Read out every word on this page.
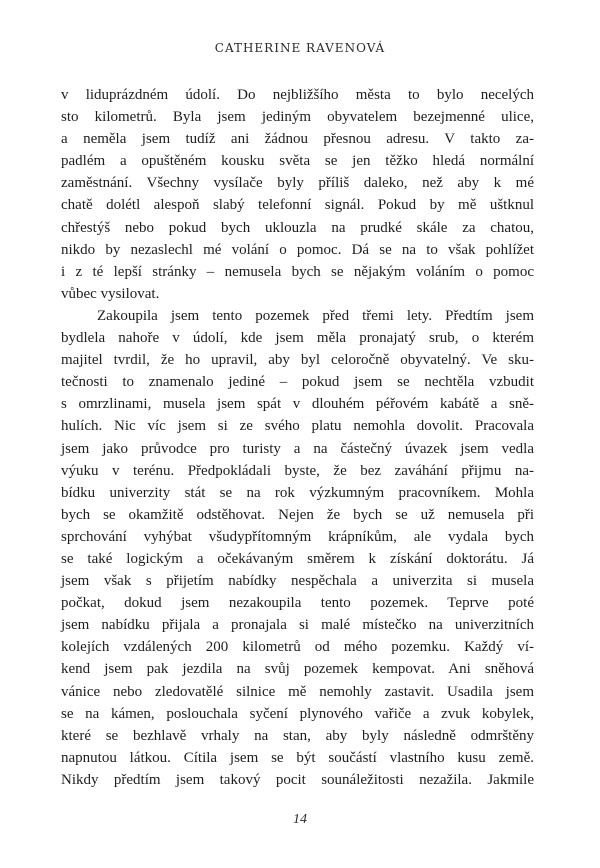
CATHERINE RAVENOVÁ
v liduprázdném údolí. Do nejbližšího města to bylo necelých
sto kilometrů. Byla jsem jediným obyvatelem bezejmenné ulice,
a neměla jsem tudíž ani žádnou přesnou adresu. V takto za-
padlém a opuštěném kousku světa se jen těžko hledá normální
zaměstnání. Všechny vysílače byly příliš daleko, než aby k mé
chatě dolétl alespoň slabý telefonní signál. Pokud by mě uštknul
chřestýš nebo pokud bych uklouzla na prudké skále za chatou,
nikdo by nezaslechl mé volání o pomoc. Dá se na to však pohlížet
i z té lepší stránky – nemusela bych se nějakým voláním o pomoc
vůbec vysilovat.
Zakoupila jsem tento pozemek před třemi lety. Předtím jsem
bydlela nahoře v údolí, kde jsem měla pronajatý srub, o kterém
majitel tvrdil, že ho upravil, aby byl celoročně obyvatelný. Ve sku-
tečnosti to znamenalo jediné – pokud jsem se nechtěla vzbudit
s omrzlinami, musela jsem spát v dlouhém péřovém kabátě a sně-
hulích. Nic víc jsem si ze svého platu nemohla dovolit. Pracovala
jsem jako průvodce pro turisty a na částečný úvazek jsem vedla
výuku v terénu. Předpokládali byste, že bez zaváhání přijmu na-
bídku univerzity stát se na rok výzkumným pracovníkem. Mohla
bych se okamžitě odstěhovat. Nejen že bych se už nemusela při
sprchování vyhýbat všudypřítomným krápníkům, ale vydala bych
se také logickým a očekávaným směrem k získání doktorátu. Já
jsem však s přijetím nabídky nespěchala a univerzita si musela
počkat, dokud jsem nezakoupila tento pozemek. Teprve poté
jsem nabídku přijala a pronajala si malé místečko na univerzitních
kolejích vzdálených 200 kilometrů od mého pozemku. Každý ví-
kend jsem pak jezdila na svůj pozemek kempovat. Ani sněhová
vánice nebo zledovatělé silnice mě nemohly zastavit. Usadila jsem
se na kámen, poslouchala syčení plynového vařiče a zvuk kobylek,
které se bezhlavě vrhaly na stan, aby byly následně odmrštěny
napnutou látkou. Cítila jsem se být součástí vlastního kusu země.
Nikdy předtím jsem takový pocit sounáležitosti nezažila. Jakmile
14
